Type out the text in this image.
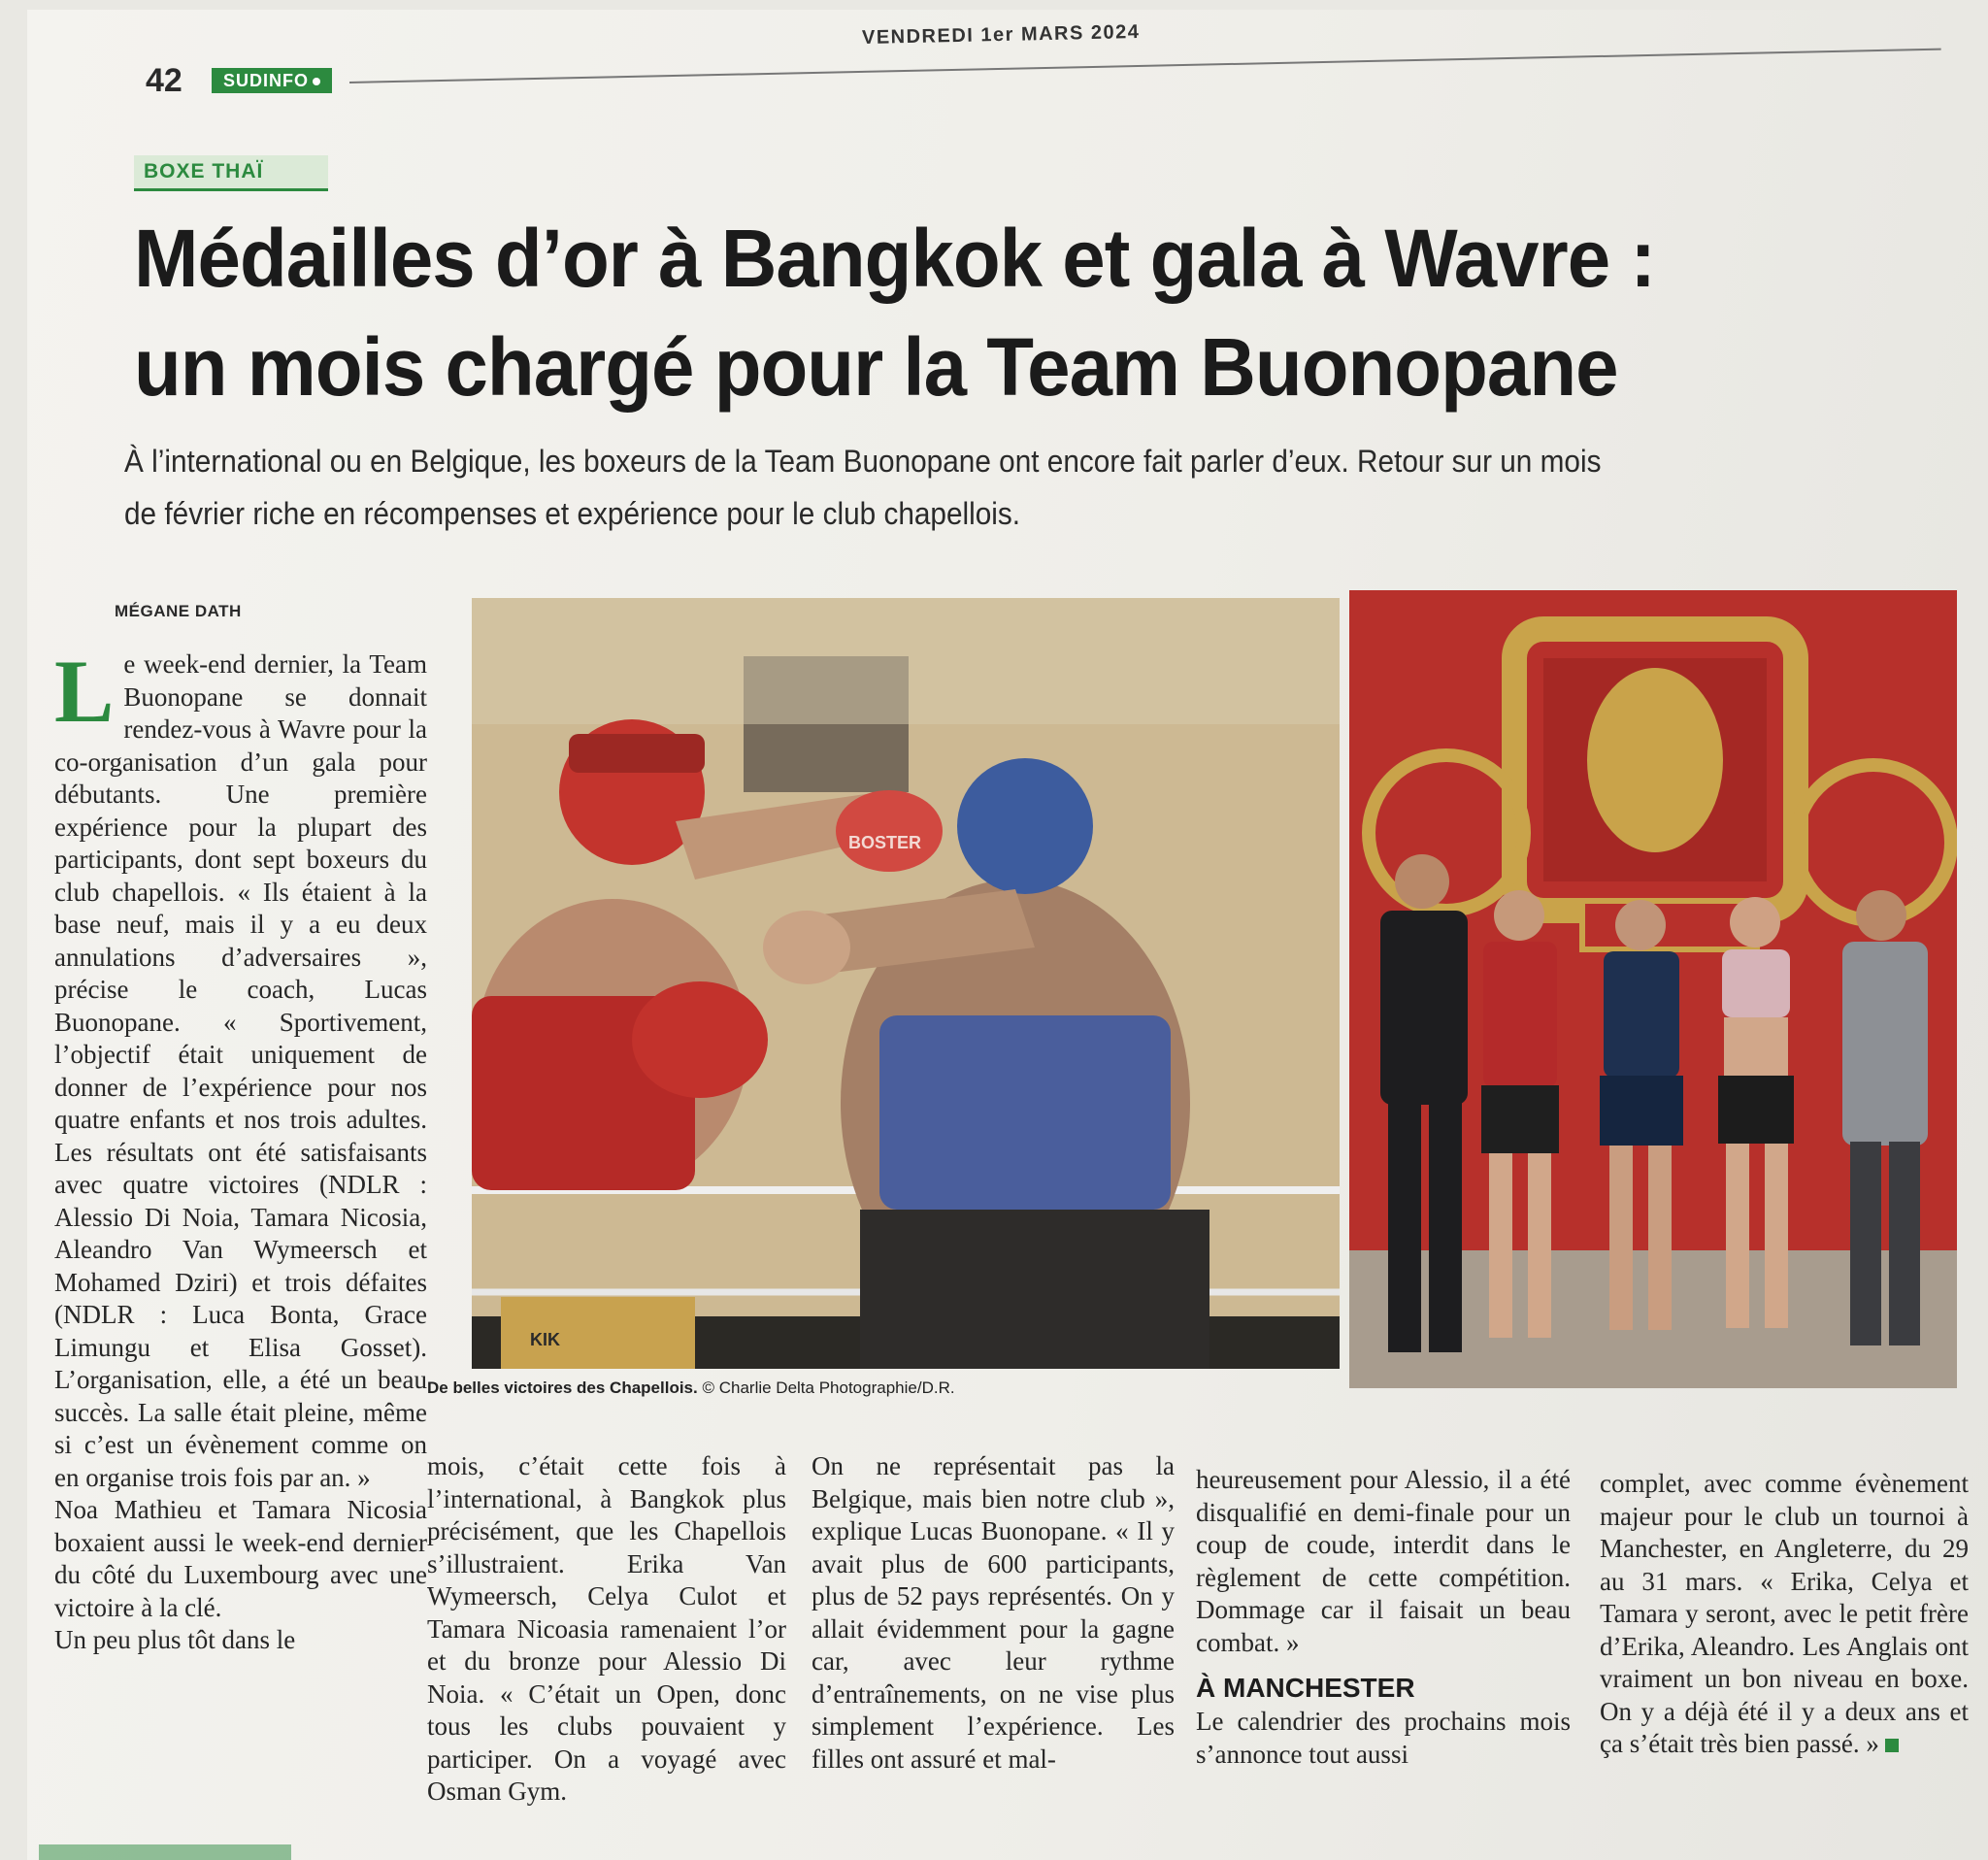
42	SUDINFO
VENDREDI 1er MARS 2024
BOXE THAÏ
Médailles d’or à Bangkok et gala à Wavre :
un mois chargé pour la Team Buonopane
À l’international ou en Belgique, les boxeurs de la Team Buonopane ont encore fait parler d’eux. Retour sur un mois
de février riche en récompenses et expérience pour le club chapellois.
MÉGANE DATH

Le week-end dernier, la Team Buonopane se donnait rendez-vous à Wavre pour la co-organisation d’un gala pour débutants. Une première expérience pour la plupart des participants, dont sept boxeurs du club chapellois. « Ils étaient à la base neuf, mais il y a eu deux annulations d’adversaires », précise le coach, Lucas Buonopane. « Sportivement, l’objectif était uniquement de donner de l’expérience pour nos quatre enfants et nos trois adultes. Les résultats ont été satisfaisants avec quatre victoires (NDLR : Alessio Di Noia, Tamara Nicosia, Aleandro Van Wymeersch et Mohamed Dziri) et trois défaites (NDLR : Luca Bonta, Grace Limungu et Elisa Gosset). L’organisation, elle, a été un beau succès. La salle était pleine, même si c’est un évènement comme on en organise trois fois par an. »

Noa Mathieu et Tamara Nicosia boxaient aussi le week-end dernier du côté du Luxembourg avec une victoire à la clé.

Un peu plus tôt dans le

BOSTER
KIK
De belles victoires des Chapellois. © Charlie Delta Photographie/D.R.

mois, c’était cette fois à l’international, à Bangkok plus précisément, que les Chapellois s’illustraient. Erika Van Wymeersch, Celya Culot et Tamara Nicoasia ramenaient l’or et du bronze pour Alessio Di Noia. « C’était un Open, donc tous les clubs pouvaient y participer. On a voyagé avec Osman Gym.

On ne représentait pas la Belgique, mais bien notre club », explique Lucas Buonopane. « Il y avait plus de 600 participants, plus de 52 pays représentés. On y allait évidemment pour la gagne car, avec leur rythme d’entraînements, on ne vise plus simplement l’expérience. Les filles ont assuré et mal-

heureusement pour Alessio, il a été disqualifié en demi-finale pour un coup de coude, interdit dans le règlement de cette compétition. Dommage car il faisait un beau combat. »

À MANCHESTER

Le calendrier des prochains mois s’annonce tout aussi

complet, avec comme évènement majeur pour le club un tournoi à Manchester, en Angleterre, du 29 au 31 mars. « Erika, Celya et Tamara y seront, avec le petit frère d’Erika, Aleandro. Les Anglais ont vraiment un bon niveau en boxe. On y a déjà été il y a deux ans et ça s’était très bien passé. »
